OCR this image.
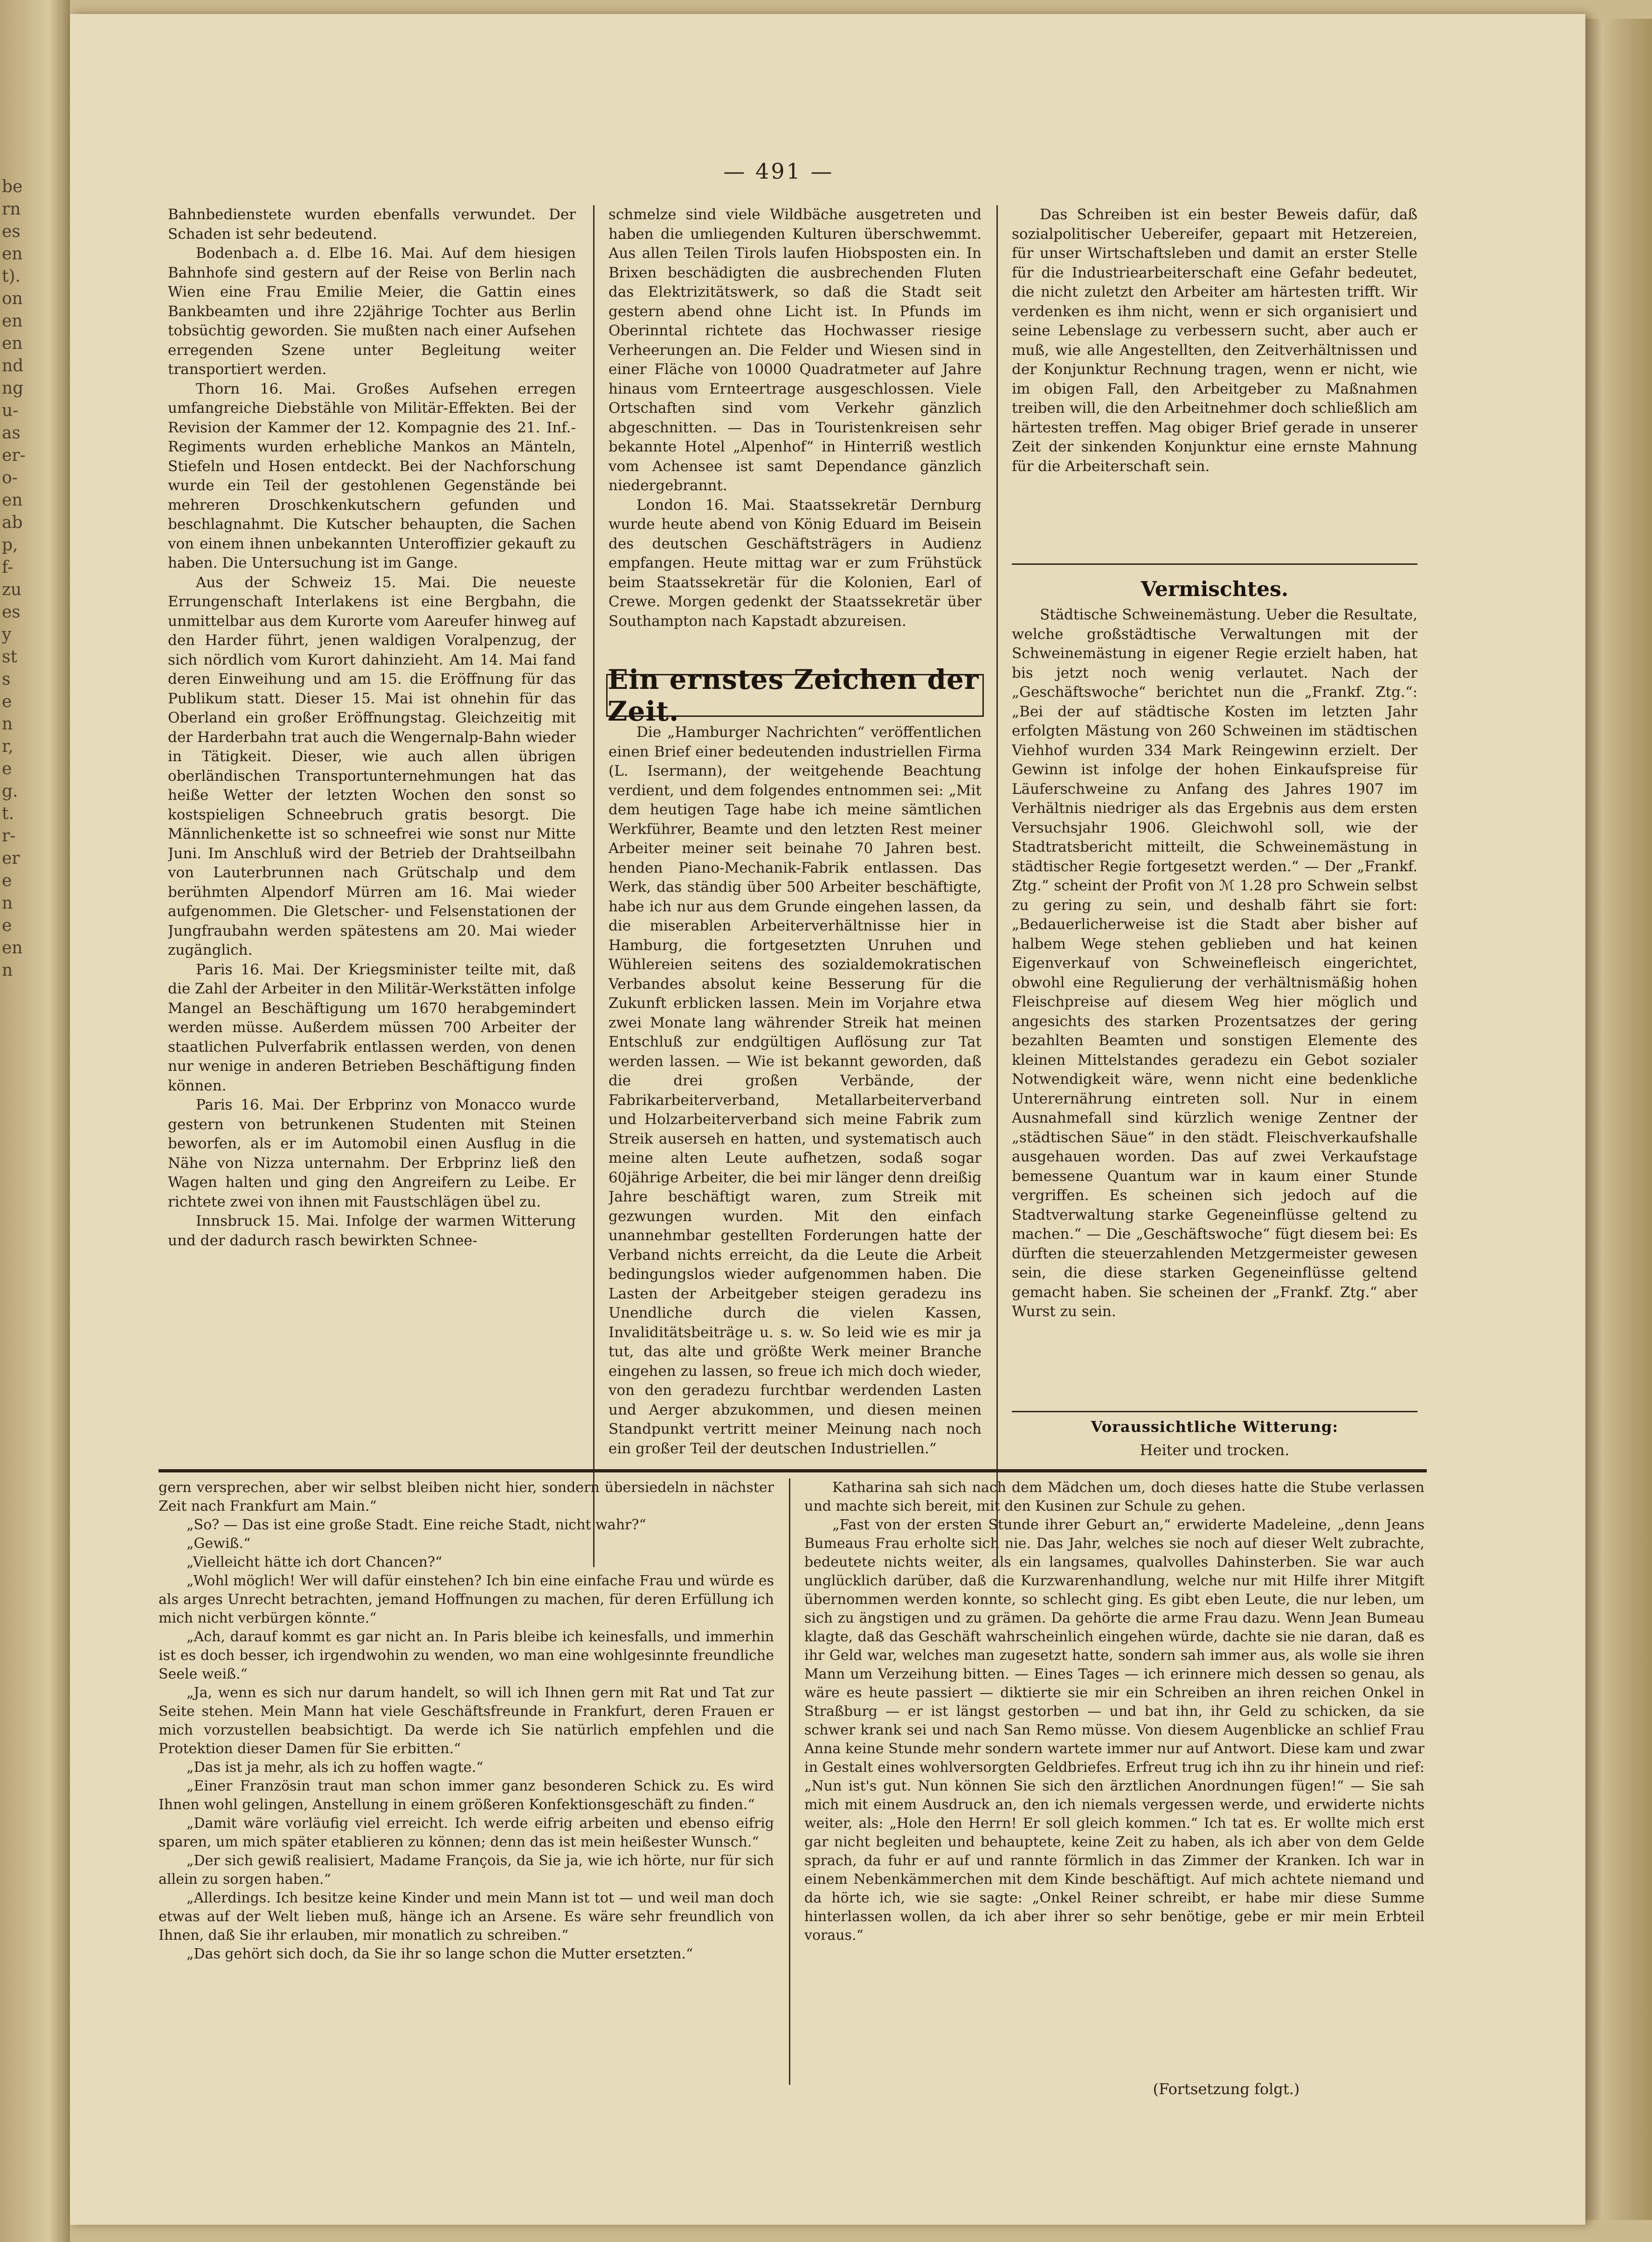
be
rn
es
en
t).
on
en
en
nd
ng
u-
as
er-
o-
en
ab
p,
f-
zu
es
y
st
s
e
n
r,
e
g.
t.
r-
er
e
n
e
en
n
— 491 —

Bahnbedienstete wurden ebenfalls verwundet. Der Schaden ist sehr bedeutend.

Bodenbach a. d. Elbe 16. Mai. Auf dem hiesigen Bahnhofe sind gestern auf der Reise von Berlin nach Wien eine Frau Emilie Meier, die Gattin eines Bankbeamten und ihre 22jährige Tochter aus Berlin tobsüchtig geworden. Sie mußten nach einer Aufsehen erregenden Szene unter Begleitung weiter transportiert werden.

Thorn 16. Mai. Großes Aufsehen erregen umfangreiche Diebstähle von Militär-Effekten. Bei der Revision der Kammer der 12. Kompagnie des 21. Inf.-Regiments wurden erhebliche Mankos an Mänteln, Stiefeln und Hosen entdeckt. Bei der Nachforschung wurde ein Teil der gestohlenen Gegenstände bei mehreren Droschkenkutschern gefunden und beschlagnahmt. Die Kutscher behaupten, die Sachen von einem ihnen unbekannten Unteroffizier gekauft zu haben. Die Untersuchung ist im Gange.

Aus der Schweiz 15. Mai. Die neueste Errungenschaft Interlakens ist eine Bergbahn, die unmittelbar aus dem Kurorte vom Aareufer hinweg auf den Harder führt, jenen waldigen Voralpenzug, der sich nördlich vom Kurort dahinzieht. Am 14. Mai fand deren Einweihung und am 15. die Eröffnung für das Publikum statt. Dieser 15. Mai ist ohnehin für das Oberland ein großer Eröffnungstag. Gleichzeitig mit der Harderbahn trat auch die Wengernalp-Bahn wieder in Tätigkeit. Dieser, wie auch allen übrigen oberländischen Transportunternehmungen hat das heiße Wetter der letzten Wochen den sonst so kostspieligen Schneebruch gratis besorgt. Die Männlichenkette ist so schneefrei wie sonst nur Mitte Juni. Im Anschluß wird der Betrieb der Drahtseilbahn von Lauterbrunnen nach Grütschalp und dem berühmten Alpendorf Mürren am 16. Mai wieder aufgenommen. Die Gletscher- und Felsenstationen der Jungfraubahn werden spätestens am 20. Mai wieder zugänglich.

Paris 16. Mai. Der Kriegsminister teilte mit, daß die Zahl der Arbeiter in den Militär-Werkstätten infolge Mangel an Beschäftigung um 1670 herabgemindert werden müsse. Außerdem müssen 700 Arbeiter der staatlichen Pulverfabrik entlassen werden, von denen nur wenige in anderen Betrieben Beschäftigung finden können.

Paris 16. Mai. Der Erbprinz von Monacco wurde gestern von betrunkenen Studenten mit Steinen beworfen, als er im Automobil einen Ausflug in die Nähe von Nizza unternahm. Der Erbprinz ließ den Wagen halten und ging den Angreifern zu Leibe. Er richtete zwei von ihnen mit Faustschlägen übel zu.

Innsbruck 15. Mai. Infolge der warmen Witterung und der dadurch rasch bewirkten Schnee-

schmelze sind viele Wildbäche ausgetreten und haben die umliegenden Kulturen überschwemmt. Aus allen Teilen Tirols laufen Hiobsposten ein. In Brixen beschädigten die ausbrechenden Fluten das Elektrizitätswerk, so daß die Stadt seit gestern abend ohne Licht ist. In Pfunds im Oberinntal richtete das Hochwasser riesige Verheerungen an. Die Felder und Wiesen sind in einer Fläche von 10000 Quadratmeter auf Jahre hinaus vom Ernteertrage ausgeschlossen. Viele Ortschaften sind vom Verkehr gänzlich abgeschnitten. — Das in Touristenkreisen sehr bekannte Hotel „Alpenhof“ in Hinterriß westlich vom Achensee ist samt Dependance gänzlich niedergebrannt.

London 16. Mai. Staatssekretär Dernburg wurde heute abend von König Eduard im Beisein des deutschen Geschäftsträgers in Audienz empfangen. Heute mittag war er zum Frühstück beim Staatssekretär für die Kolonien, Earl of Crewe. Morgen gedenkt der Staatssekretär über Southampton nach Kapstadt abzureisen.

Ein ernstes Zeichen der Zeit.

Die „Hamburger Nachrichten“ veröffentlichen einen Brief einer bedeutenden industriellen Firma (L. Isermann), der weitgehende Beachtung verdient, und dem folgendes entnommen sei: „Mit dem heutigen Tage habe ich meine sämtlichen Werkführer, Beamte und den letzten Rest meiner Arbeiter meiner seit beinahe 70 Jahren best. henden Piano-Mechanik-Fabrik entlassen. Das Werk, das ständig über 500 Arbeiter beschäftigte, habe ich nur aus dem Grunde eingehen lassen, da die miserablen Arbeiterverhältnisse hier in Hamburg, die fortgesetzten Unruhen und Wühlereien seitens des sozialdemokratischen Verbandes absolut keine Besserung für die Zukunft erblicken lassen. Mein im Vorjahre etwa zwei Monate lang währender Streik hat meinen Entschluß zur endgültigen Auflösung zur Tat werden lassen. — Wie ist bekannt geworden, daß die drei großen Verbände, der Fabrikarbeiterverband, Metallarbeiterverband und Holzarbeiterverband sich meine Fabrik zum Streik auserseh en hatten, und systematisch auch meine alten Leute aufhetzen, sodaß sogar 60jährige Arbeiter, die bei mir länger denn dreißig Jahre beschäftigt waren, zum Streik mit gezwungen wurden. Mit den einfach unannehmbar gestellten Forderungen hatte der Verband nichts erreicht, da die Leute die Arbeit bedingungslos wieder aufgenommen haben. Die Lasten der Arbeitgeber steigen geradezu ins Unendliche durch die vielen Kassen, Invaliditätsbeiträge u. s. w. So leid wie es mir ja tut, das alte und größte Werk meiner Branche eingehen zu lassen, so freue ich mich doch wieder, von den geradezu furchtbar werdenden Lasten und Aerger abzukommen, und diesen meinen Standpunkt vertritt meiner Meinung nach noch ein großer Teil der deutschen Industriellen.“

Das Schreiben ist ein bester Beweis dafür, daß sozialpolitischer Uebereifer, gepaart mit Hetzereien, für unser Wirtschaftsleben und damit an erster Stelle für die Industriearbeiterschaft eine Gefahr bedeutet, die nicht zuletzt den Arbeiter am härtesten trifft. Wir verdenken es ihm nicht, wenn er sich organisiert und seine Lebenslage zu verbessern sucht, aber auch er muß, wie alle Angestellten, den Zeitverhältnissen und der Konjunktur Rechnung tragen, wenn er nicht, wie im obigen Fall, den Arbeitgeber zu Maßnahmen treiben will, die den Arbeitnehmer doch schließlich am härtesten treffen. Mag obiger Brief gerade in unserer Zeit der sinkenden Konjunktur eine ernste Mahnung für die Arbeiterschaft sein.

Vermischtes.

Städtische Schweinemästung. Ueber die Resultate, welche großstädtische Verwaltungen mit der Schweinemästung in eigener Regie erzielt haben, hat bis jetzt noch wenig verlautet. Nach der „Geschäftswoche“ berichtet nun die „Frankf. Ztg.“: „Bei der auf städtische Kosten im letzten Jahr erfolgten Mästung von 260 Schweinen im städtischen Viehhof wurden 334 Mark Reingewinn erzielt. Der Gewinn ist infolge der hohen Einkaufspreise für Läuferschweine zu Anfang des Jahres 1907 im Verhältnis niedriger als das Ergebnis aus dem ersten Versuchsjahr 1906. Gleichwohl soll, wie der Stadtratsbericht mitteilt, die Schweinemästung in städtischer Regie fortgesetzt werden.“ — Der „Frankf. Ztg.“ scheint der Profit von ℳ 1.28 pro Schwein selbst zu gering zu sein, und deshalb fährt sie fort: „Bedauerlicherweise ist die Stadt aber bisher auf halbem Wege stehen geblieben und hat keinen Eigenverkauf von Schweinefleisch eingerichtet, obwohl eine Regulierung der verhältnismäßig hohen Fleischpreise auf diesem Weg hier möglich und angesichts des starken Prozentsatzes der gering bezahlten Beamten und sonstigen Elemente des kleinen Mittelstandes geradezu ein Gebot sozialer Notwendigkeit wäre, wenn nicht eine bedenkliche Unterernährung eintreten soll. Nur in einem Ausnahmefall sind kürzlich wenige Zentner der „städtischen Säue“ in den städt. Fleischverkaufshalle ausgehauen worden. Das auf zwei Verkaufstage bemessene Quantum war in kaum einer Stunde vergriffen. Es scheinen sich jedoch auf die Stadtverwaltung starke Gegeneinflüsse geltend zu machen.“ — Die „Geschäftswoche“ fügt diesem bei: Es dürften die steuerzahlenden Metzgermeister gewesen sein, die diese starken Gegeneinflüsse geltend gemacht haben. Sie scheinen der „Frankf. Ztg.“ aber Wurst zu sein.

Voraussichtliche Witterung:
Heiter und trocken.

gern versprechen, aber wir selbst bleiben nicht hier, sondern übersiedeln in nächster Zeit nach Frankfurt am Main.“

„So? — Das ist eine große Stadt. Eine reiche Stadt, nicht wahr?“

„Gewiß.“

„Vielleicht hätte ich dort Chancen?“

„Wohl möglich! Wer will dafür einstehen? Ich bin eine einfache Frau und würde es als arges Unrecht betrachten, jemand Hoffnungen zu machen, für deren Erfüllung ich mich nicht verbürgen könnte.“

„Ach, darauf kommt es gar nicht an. In Paris bleibe ich keinesfalls, und immerhin ist es doch besser, ich irgendwohin zu wenden, wo man eine wohlgesinnte freundliche Seele weiß.“

„Ja, wenn es sich nur darum handelt, so will ich Ihnen gern mit Rat und Tat zur Seite stehen. Mein Mann hat viele Geschäftsfreunde in Frankfurt, deren Frauen er mich vorzustellen beabsichtigt. Da werde ich Sie natürlich empfehlen und die Protektion dieser Damen für Sie erbitten.“

„Das ist ja mehr, als ich zu hoffen wagte.“

„Einer Französin traut man schon immer ganz besonderen Schick zu. Es wird Ihnen wohl gelingen, Anstellung in einem größeren Konfektionsgeschäft zu finden.“

„Damit wäre vorläufig viel erreicht. Ich werde eifrig arbeiten und ebenso eifrig sparen, um mich später etablieren zu können; denn das ist mein heißester Wunsch.“

„Der sich gewiß realisiert, Madame François, da Sie ja, wie ich hörte, nur für sich allein zu sorgen haben.“

„Allerdings. Ich besitze keine Kinder und mein Mann ist tot — und weil man doch etwas auf der Welt lieben muß, hänge ich an Arsene. Es wäre sehr freundlich von Ihnen, daß Sie ihr erlauben, mir monatlich zu schreiben.“

„Das gehört sich doch, da Sie ihr so lange schon die Mutter ersetzten.“

Katharina sah sich nach dem Mädchen um, doch dieses hatte die Stube verlassen und machte sich bereit, mit den Kusinen zur Schule zu gehen.

„Fast von der ersten Stunde ihrer Geburt an,“ erwiderte Madeleine, „denn Jeans Bumeaus Frau erholte sich nie. Das Jahr, welches sie noch auf dieser Welt zubrachte, bedeutete nichts weiter, als ein langsames, qualvolles Dahinsterben. Sie war auch unglücklich darüber, daß die Kurzwarenhandlung, welche nur mit Hilfe ihrer Mitgift übernommen werden konnte, so schlecht ging. Es gibt eben Leute, die nur leben, um sich zu ängstigen und zu grämen. Da gehörte die arme Frau dazu. Wenn Jean Bumeau klagte, daß das Geschäft wahrscheinlich eingehen würde, dachte sie nie daran, daß es ihr Geld war, welches man zugesetzt hatte, sondern sah immer aus, als wolle sie ihren Mann um Verzeihung bitten. — Eines Tages — ich erinnere mich dessen so genau, als wäre es heute passiert — diktierte sie mir ein Schreiben an ihren reichen Onkel in Straßburg — er ist längst gestorben — und bat ihn, ihr Geld zu schicken, da sie schwer krank sei und nach San Remo müsse. Von diesem Augenblicke an schlief Frau Anna keine Stunde mehr sondern wartete immer nur auf Antwort. Diese kam und zwar in Gestalt eines wohlversorgten Geldbriefes. Erfreut trug ich ihn zu ihr hinein und rief: „Nun ist's gut. Nun können Sie sich den ärztlichen Anordnungen fügen!“ — Sie sah mich mit einem Ausdruck an, den ich niemals vergessen werde, und erwiderte nichts weiter, als: „Hole den Herrn! Er soll gleich kommen.“ Ich tat es. Er wollte mich erst gar nicht begleiten und behauptete, keine Zeit zu haben, als ich aber von dem Gelde sprach, da fuhr er auf und rannte förmlich in das Zimmer der Kranken. Ich war in einem Nebenkämmerchen mit dem Kinde beschäftigt. Auf mich achtete niemand und da hörte ich, wie sie sagte: „Onkel Reiner schreibt, er habe mir diese Summe hinterlassen wollen, da ich aber ihrer so sehr benötige, gebe er mir mein Erbteil voraus.“

(Fortsetzung folgt.)
